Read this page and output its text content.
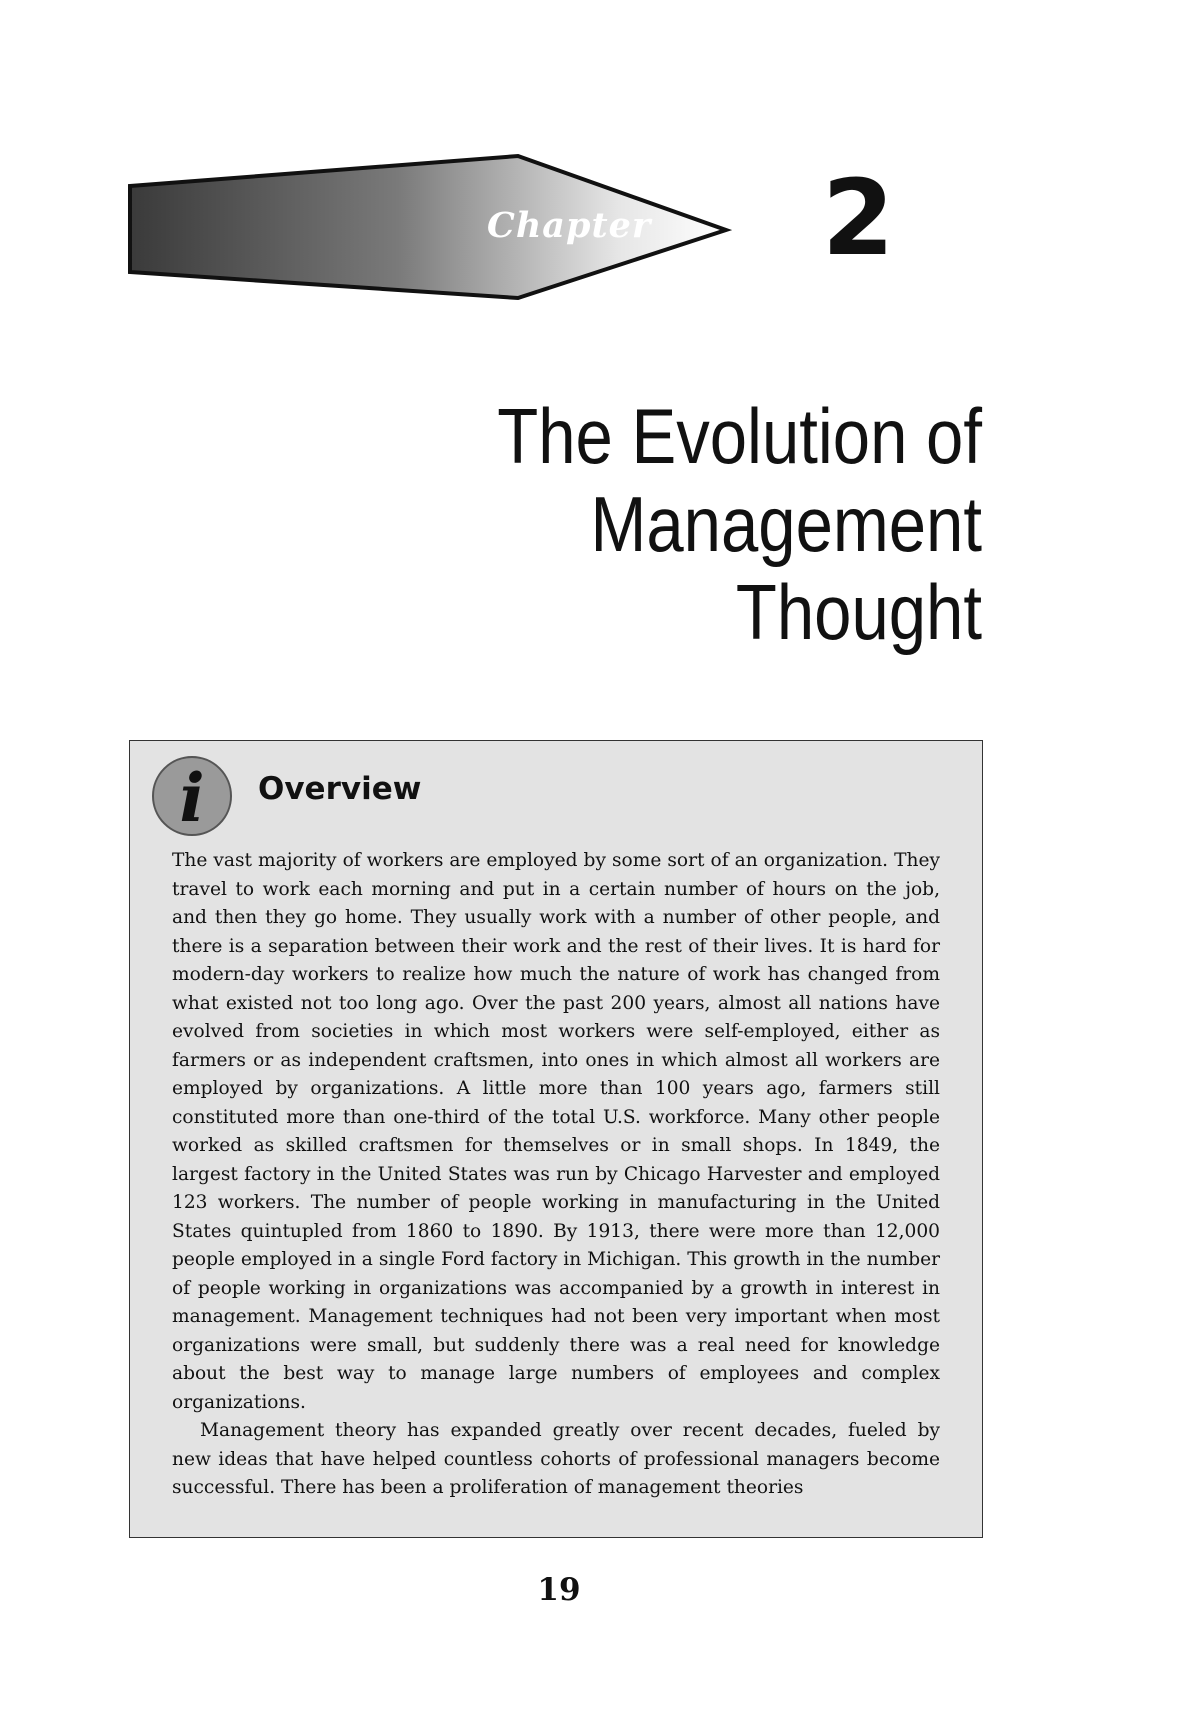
Chapter 2
The Evolution of Management
Thought
i Overview

The vast majority of workers are employed by some sort of an organization. They travel to work each morning and put in a certain number of hours on the job, and then they go home. They usually work with a number of other people, and there is a separation between their work and the rest of their lives. It is hard for modern-day workers to realize how much the nature of work has changed from what existed not too long ago. Over the past 200 years, almost all nations have evolved from societies in which most workers were self-employed, either as farmers or as independent craftsmen, into ones in which almost all workers are employed by organizations. A little more than 100 years ago, farmers still constituted more than one-third of the total U.S. workforce. Many other people worked as skilled craftsmen for themselves or in small shops. In 1849, the largest factory in the United States was run by Chicago Harvester and employed 123 workers. The number of people working in manufacturing in the United States quintupled from 1860 to 1890. By 1913, there were more than 12,000 people employed in a single Ford factory in Michigan. This growth in the number of people working in organizations was accompanied by a growth in interest in management. Management techniques had not been very important when most organizations were small, but suddenly there was a real need for knowledge about the best way to manage large numbers of employees and complex organizations.

Management theory has expanded greatly over recent decades, fueled by new ideas that have helped countless cohorts of professional managers become successful. There has been a proliferation of management theories

19
